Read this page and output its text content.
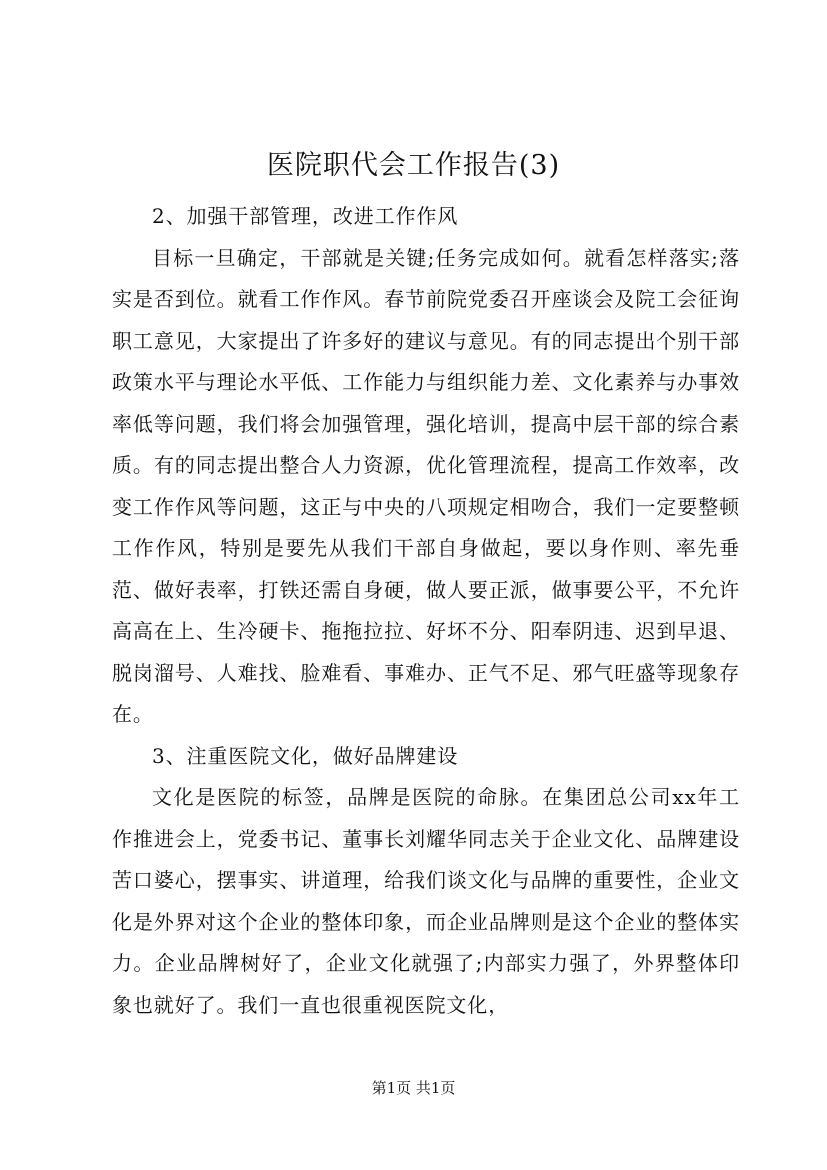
医院职代会工作报告(3)

2、加强干部管理，改进工作作风

目标一旦确定，干部就是关键;任务完成如何。就看怎样落实;落实是否到位。就看工作作风。春节前院党委召开座谈会及院工会征询职工意见，大家提出了许多好的建议与意见。有的同志提出个别干部政策水平与理论水平低、工作能力与组织能力差、文化素养与办事效率低等问题，我们将会加强管理，强化培训，提高中层干部的综合素质。有的同志提出整合人力资源，优化管理流程，提高工作效率，改变工作作风等问题，这正与中央的八项规定相吻合，我们一定要整顿工作作风，特别是要先从我们干部自身做起，要以身作则、率先垂范、做好表率，打铁还需自身硬，做人要正派，做事要公平，不允许高高在上、生冷硬卡、拖拖拉拉、好坏不分、阳奉阴违、迟到早退、脱岗溜号、人难找、脸难看、事难办、正气不足、邪气旺盛等现象存在。

3、注重医院文化，做好品牌建设

文化是医院的标签，品牌是医院的命脉。在集团总公司xx年工作推进会上，党委书记、董事长刘耀华同志关于企业文化、品牌建设苦口婆心，摆事实、讲道理，给我们谈文化与品牌的重要性，企业文化是外界对这个企业的整体印象，而企业品牌则是这个企业的整体实力。企业品牌树好了，企业文化就强了;内部实力强了，外界整体印象也就好了。我们一直也很重视医院文化，

第1页 共1页
